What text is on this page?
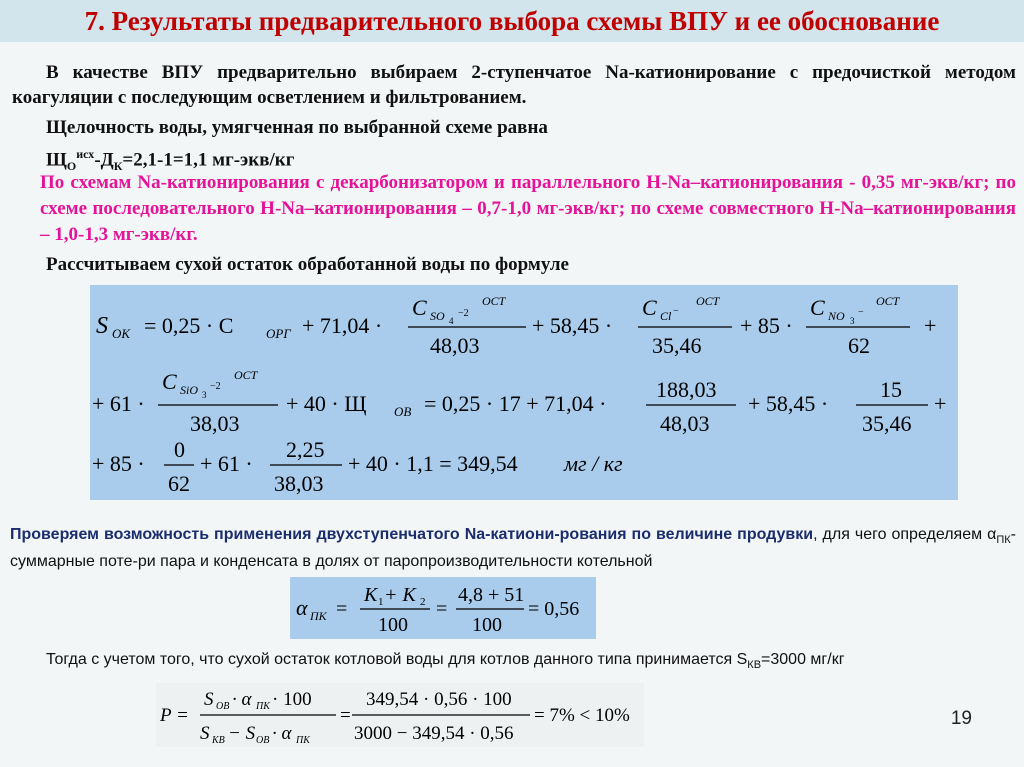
7. Результаты предварительного выбора схемы ВПУ и ее обоснование
В качестве ВПУ предварительно выбираем 2-ступенчатое Na-катионирование с предочисткой методом коагуляции с последующим осветлением и фильтрованием.
Щелочность воды, умягченная по выбранной схеме равна
$Щ_О^{исх}-Д_К=2,1-1=1,1$ мг-экв/кг
По схемам Na-катионирования с декарбонизатором и параллельного H-Na–катионирования - 0,35 мг-экв/кг; по схеме последовательного H-Na–катионирования – 0,7-1,0 мг-экв/кг; по схеме совместного H-Na–катионирования – 1,0-1,3 мг-экв/кг.
Рассчитываем сухой остаток обработанной воды по формуле
S ОК = 0,25 · C	ОРГ + 71,04 ·
C SO 4
−2
ОСТ
48,03
+ 58,45 ·
C Cl −
ОСТ
35,46
+ 85 ·
C NO 3
−
ОСТ
62
+
+ 61 ·
C SiO 3
−2
ОСТ
38,03
+ 40 · Щ ОВ = 0,25 · 17 + 71,04 ·
188,03
48,03
+ 58,45 ·
15
35,46
+
+ 85 ·
0
62
+ 61 ·
2,25
38,03
+ 40 · 1,1 = 349,54 мг / кг
Проверяем возможность применения двухступенчатого Na-катиони-рования по величине продувки, для чего определяем $\alpha_{ПК}-$ суммарные поте-ри пара и конденсата в долях от паропроизводительности котельной
α ПК =
K 1 + K 2
100
=
4,8 + 51
100
= 0,56
Тогда с учетом того, что сухой остаток котловой воды для котлов данного типа принимается $S_{КВ}=3000$ мг/кг
P =
S ОВ · α ПК · 100
S КВ − S ОВ · α ПК
=
349,54 · 0,56 · 100
3000 − 349,54 · 0,56
= 7% < 10%	19
